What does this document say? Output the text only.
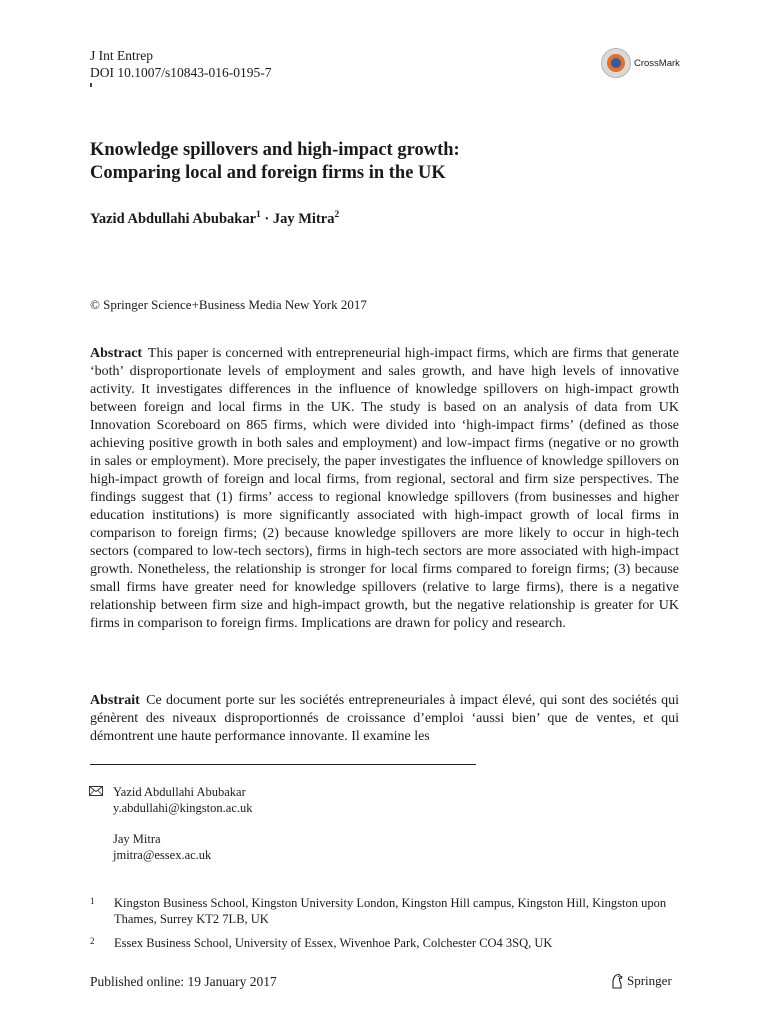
J Int Entrep
DOI 10.1007/s10843-016-0195-7
CrossMark
Knowledge spillovers and high-impact growth:
Comparing local and foreign firms in the UK
Yazid Abdullahi Abubakar$^1$ · Jay Mitra$^2$
© Springer Science+Business Media New York 2017

Abstract This paper is concerned with entrepreneurial high-impact firms, which are firms that generate ‘both’ disproportionate levels of employment and sales growth, and have high levels of innovative activity. It investigates differences in the influence of knowledge spillovers on high-impact growth between foreign and local firms in the UK. The study is based on an analysis of data from UK Innovation Scoreboard on 865 firms, which were divided into ‘high-impact firms’ (defined as those achieving positive growth in both sales and employment) and low-impact firms (negative or no growth in sales or employment). More precisely, the paper investigates the influence of knowledge spillovers on high-impact growth of foreign and local firms, from regional, sectoral and firm size perspectives. The findings suggest that (1) firms’ access to regional knowledge spillovers (from businesses and higher education institutions) is more significantly associated with high-impact growth of local firms in comparison to foreign firms; (2) because knowledge spillovers are more likely to occur in high-tech sectors (compared to low-tech sectors), firms in high-tech sectors are more associated with high-impact growth. Nonetheless, the relationship is stronger for local firms compared to foreign firms; (3) because small firms have greater need for knowledge spillovers (relative to large firms), there is a negative relationship between firm size and high-impact growth, but the negative relationship is greater for UK firms in comparison to foreign firms. Implications are drawn for policy and research.

Abstrait Ce document porte sur les sociétés entrepreneuriales à impact élevé, qui sont des sociétés qui génèrent des niveaux disproportionnés de croissance d’emploi ‘aussi bien’ que de ventes, et qui démontrent une haute performance innovante. Il examine les

Yazid Abdullahi Abubakar
y.abdullahi@kingston.ac.uk
Jay Mitra
jmitra@essex.ac.uk
1	Kingston Business School, Kingston University London, Kingston Hill campus, Kingston Hill, Kingston upon Thames, Surrey KT2 7LB, UK
2	Essex Business School, University of Essex, Wivenhoe Park, Colchester CO4 3SQ, UK
Published online: 19 January 2017	Springer
